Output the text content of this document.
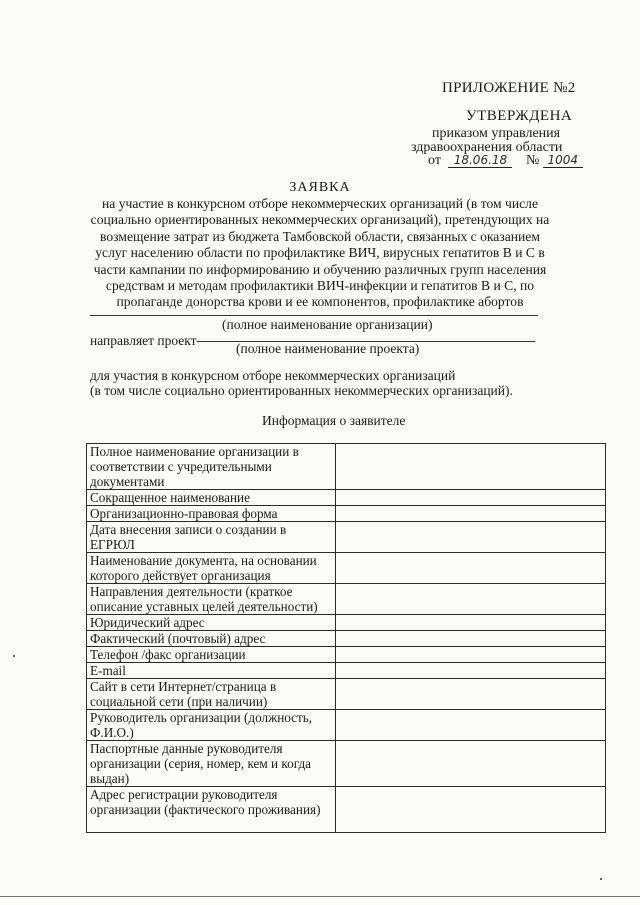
ПРИЛОЖЕНИЕ №2
УТВЕРЖДЕНА
приказом управления
здравоохранения области
от 18.06.18 № 1004
ЗАЯВКА
на участие в конкурсном отборе некоммерческих организаций (в том числе социально ориентированных некоммерческих организаций), претендующих на возмещение затрат из бюджета Тамбовской области, связанных с оказанием услуг населению области по профилактике ВИЧ, вирусных гепатитов В и С в части кампании по информированию и обучению различных групп населения средствам и методам профилактики ВИЧ-инфекции и гепатитов В и С, по пропаганде донорства крови и ее компонентов, профилактике абортов
(полное наименование организации)
направляет проект
(полное наименование проекта)
для участия в конкурсном отборе некоммерческих организаций
(в том числе социально ориентированных некоммерческих организаций).
Информация о заявителе
Полное наименование организации в соответствии с учредительными документами	
Сокращенное наименование	
Организационно-правовая форма	
Дата внесения записи о создании в ЕГРЮЛ	
Наименование документа, на основании которого действует организация	
Направления деятельности (краткое описание уставных целей деятельности)	
Юридический адрес	
Фактический (почтовый) адрес	
Телефон /факс организации	
E-mail	
Сайт в сети Интернет/страница в социальной сети (при наличии)	
Руководитель организации (должность, Ф.И.О.)	
Паспортные данные руководителя организации (серия, номер, кем и когда выдан)	
Адрес регистрации руководителя организации (фактического проживания)	
